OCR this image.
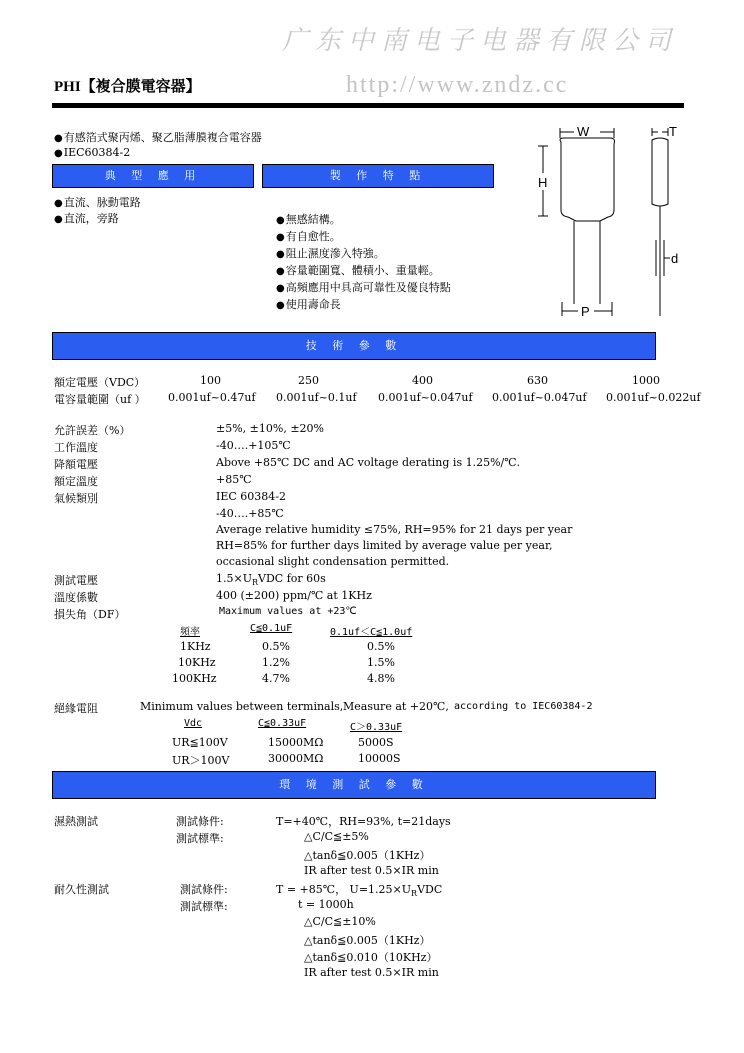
广东中南电子电器有限公司
PHI【複合膜電容器】	http://www.zndz.cc
● 有感箔式聚丙烯、聚乙脂薄膜複合電容器
● IEC60384-2
典 型 應 用	製 作 特 點
● 直流、脉動電路
● 直流，旁路
●	無感結構。
● 有自愈性。
● 阻止濕度滲入特強。
● 容量範圍寬、體積小、重量輕。
● 高頻應用中具高可靠性及優良特點
● 使用壽命長
W	T
H
d
P
技 術 參 數
額定電壓（VDC）	100	250	400	630	1000
電容量範圍（uf ） 0.001uf~0.47uf 0.001uf~0.1uf 0.001uf~0.047uf 0.001uf~0.047uf 0.001uf~0.022uf
允許誤差（%）	±5%, ±10%, ±20%
工作溫度	-40….+105℃
降額電壓	Above +85℃ DC and AC voltage derating is 1.25%/℃.
額定溫度	+85℃
氣候類別	IEC 60384-2
-40….+85℃
Average relative humidity ≤75%, RH=95% for 21 days per year
RH=85% for further days limited by average value per year,
occasional slight condensation permitted.
測試電壓	$1.5\times U_RVDC$ for 60s
溫度係數	400 (±200) ppm/℃ at 1KHz
損失角（DF）	Maximum values at +23℃
頻率	C≦0.1uF	0.1uf＜C≦1.0uf
1KHz	0.5%	0.5%
10KHz	1.2%	1.5%
100KHz	4.7%	4.8%
絕緣電阻	Minimum values between terminals, Measure at +20℃, according to IEC60384-2
Vdc	C≦0.33uF	C＞0.33uF
UR≦100V	15000MΩ	5000S
UR＞100V	30000MΩ	10000S
環 境 測 試 參 數
濕熱測試	測試條件:	T=+40℃，RH=93%, t=21days
測試標準:	△C/C≦±5%
△tanδ≦0.005（1KHz）
IR after test 0.5×IR min
耐久性測試	測試條件:	T = +85℃， $U=1.25\times U_RVDC$
測試標準:	t = 1000h
△C/C≦±10%
△tanδ≦0.005（1KHz）
△tanδ≦0.010（10KHz）
IR after test 0.5×IR min
